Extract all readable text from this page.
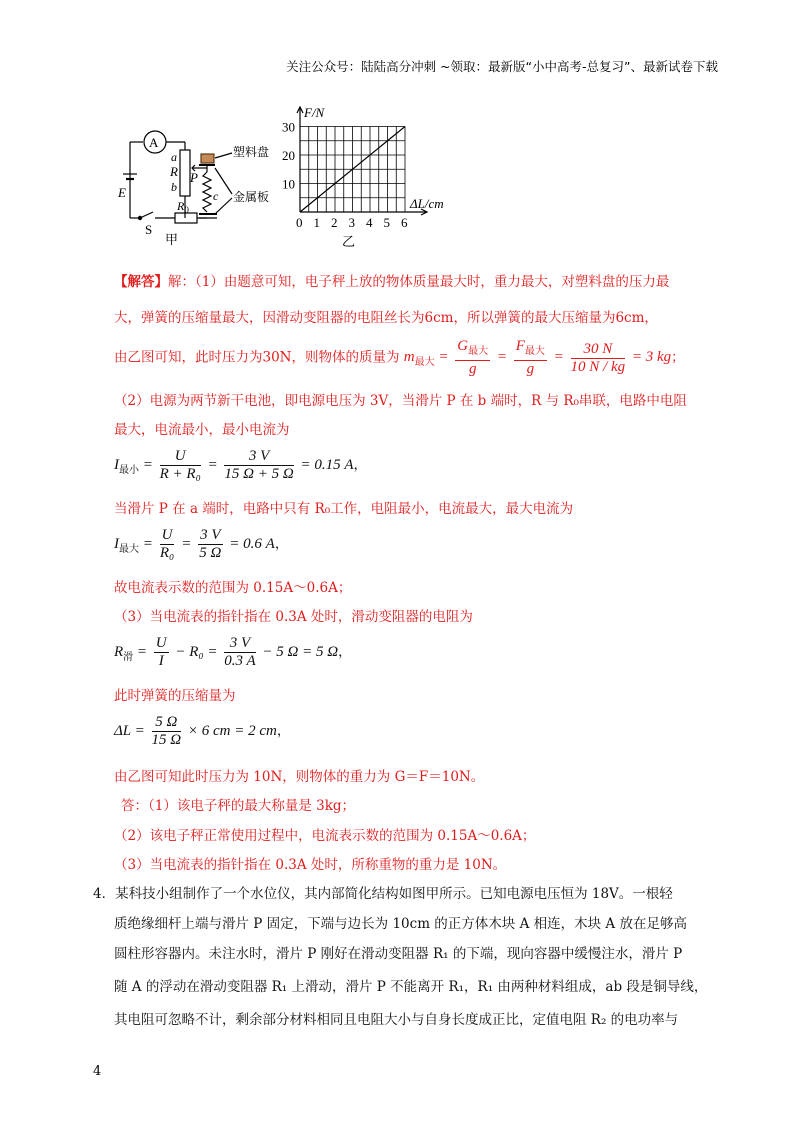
关注公众号：陆陆高分冲刺 ~领取：最新版“小中高考-总复习”、最新试卷下载
A
a
R
b
P
E	c
$R_0$
S
甲
塑料盘
金属板
0 1 2 3 4 5 6
10
20
30
F/N
ΔL/cm
乙
【解答】解：（1）由题意可知，电子秤上放的物体质量最大时，重力最大，对塑料盘的压力最
大，弹簧的压缩量最大，因滑动变阻器的电阻丝长为6cm，所以弹簧的最大压缩量为6cm，
由乙图可知，此时压力为30N，则物体的质量为 $m_{最大} = \frac{G_{最大}}{g} = \frac{F_{最大}}{g} = \frac{30 N}{10 N / kg} = 3$ kg；
（2）电源为两节新干电池，即电源电压为 3V，当滑片 P 在 b 端时，R 与 R₀串联，电路中电阻
最大，电流最小，最小电流为
$I_{最小} = \frac{U}{\text{R + R₀}} = \frac{3 V}{15 \Omega + 5 \Omega} = 0.15$ A，
当滑片 P 在 a 端时，电路中只有 R₀工作，电阻最小，电流最大，最大电流为
$I_{最大} = \frac{U}{\text{R₀}} = \frac{3 V}{5 \Omega} = 0.6$ A，
故电流表示数的范围为 0.15A～0.6A；
（3）当电流表的指针指在 0.3A 处时，滑动变阻器的电阻为
$R_滑 = \frac{U}{I} - R_0 = \frac{3 V}{0.3 A} - 5$ Ω = 5 Ω，
此时弹簧的压缩量为
$\Delta L = \frac{5 \Omega}{15 \Omega} \times 6$ cm = 2 cm，
由乙图可知此时压力为 10N，则物体的重力为 G＝F＝10N。
答：（1）该电子秤的最大称量是 3kg；
（2）该电子秤正常使用过程中，电流表示数的范围为 0.15A～0.6A；
（3）当电流表的指针指在 0.3A 处时，所称重物的重力是 10N。
4．某科技小组制作了一个水位仪，其内部简化结构如图甲所示。已知电源电压恒为 18V。一根轻
质绝缘细杆上端与滑片 P 固定，下端与边长为 10cm 的正方体木块 A 相连，木块 A 放在足够高
圆柱形容器内。未注水时，滑片 P 刚好在滑动变阻器 R₁ 的下端，现向容器中缓慢注水，滑片 P
随 A 的浮动在滑动变阻器 R₁ 上滑动，滑片 P 不能离开 R₁，R₁ 由两种材料组成，ab 段是铜导线，
其电阻可忽略不计，剩余部分材料相同且电阻大小与自身长度成正比，定值电阻 R₂ 的电功率与
4
